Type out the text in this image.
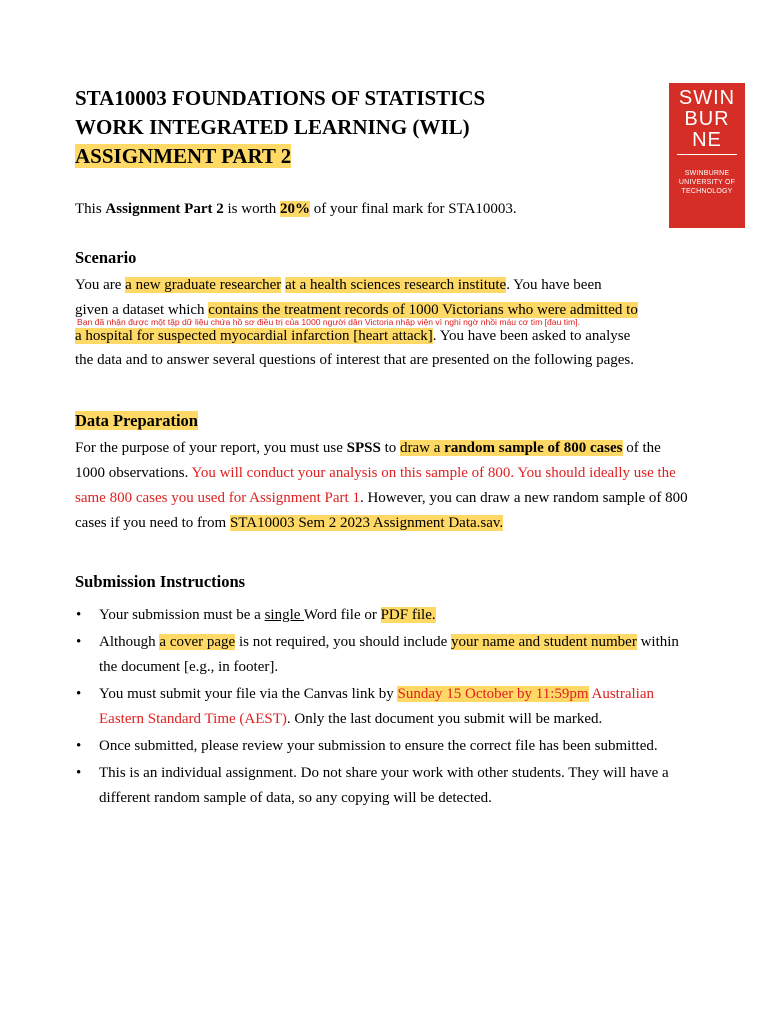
STA10003 FOUNDATIONS OF STATISTICS
WORK INTEGRATED LEARNING (WIL)
ASSIGNMENT PART 2
SWIN
BUR
NE
SWINBURNE
UNIVERSITY OF
TECHNOLOGY

This Assignment Part 2 is worth 20% of your final mark for STA10003.

Scenario

You are a new graduate researcher at a health sciences research institute. You have been

given a dataset which contains the treatment records of 1000 Victorians who were admitted to

Bạn đã nhận được một tập dữ liệu chứa hồ sơ điều trị của 1000 người dân Victoria nhập viện vì nghi ngờ nhồi máu cơ tim [đau tim].

a hospital for suspected myocardial infarction [heart attack]. You have been asked to analyse

the data and to answer several questions of interest that are presented on the following pages.

Data Preparation

For the purpose of your report, you must use SPSS to draw a random sample of 800 cases of the

1000 observations. You will conduct your analysis on this sample of 800. You should ideally use the

same 800 cases you used for Assignment Part 1. However, you can draw a new random sample of 800

cases if you need to from STA10003 Sem 2 2023 Assignment Data.sav.

Submission Instructions
• Your submission must be a single Word file or PDF file.
• Although a cover page is not required, you should include your name and student number within
the document [e.g., in footer].
• You must submit your file via the Canvas link by Sunday 15 October by 11:59pm Australian
Eastern Standard Time (AEST). Only the last document you submit will be marked.
• Once submitted, please review your submission to ensure the correct file has been submitted.
• This is an individual assignment. Do not share your work with other students. They will have a
different random sample of data, so any copying will be detected.
